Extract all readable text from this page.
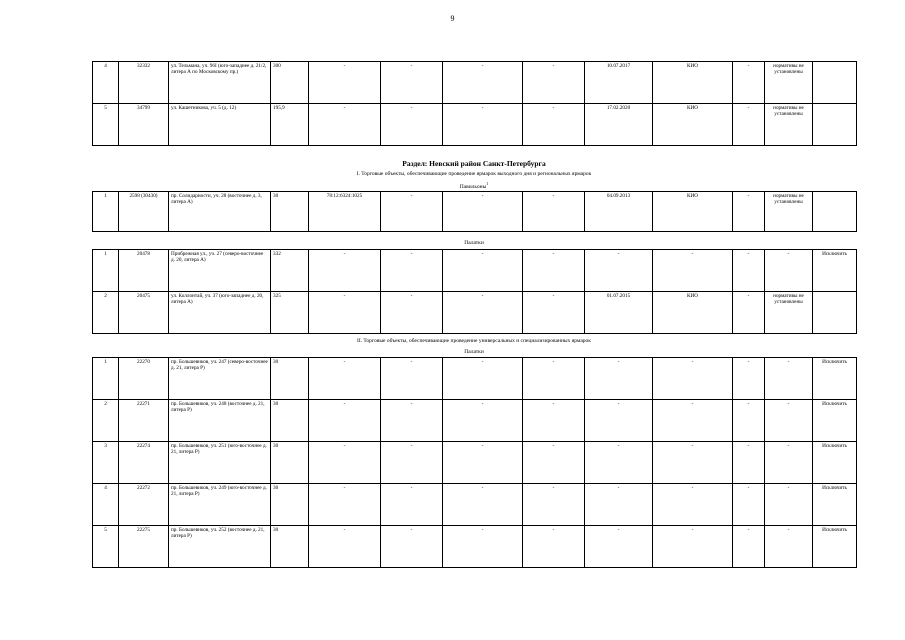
9
4	32332	ул. Тельмана, уч. 96I (юго-западнее д. 21/2, литера А по Московскому пр.)	300	-	-	-	-	10.07.2017	КИО	-	нормативы не установлены	
5	34799	ул. Кашетникова, уч. 5 (д. 12)	195,9	-	-	-	-	17.02.2020	КИО	-	нормативы не установлены	
Раздел: Невский район Санкт-Петербурга
I. Торговые объекты, обеспечивающие проведение ярмарок выходного дня и региональных ярмарок
Павильоны$^1$
1	2598 (30430)	пр. Солидарности, уч. 28 (восточнее д. 3, литера А)	30	78:12:6324:1025	-	-	-	04.09.2013	КИО	-	нормативы не установлены	
Палатки
1	20478	Прибрежная ул., уч. 27 (северо-восточнее д. 20, литера А)	332	-	-	-	-	-	-	-	-	Исключить
2	20475	ул. Коллонтай, уч. 37 (юго-западнее д. 20, литера А)	325	-	-	-	-	01.07.2015	КИО	-	нормативы не установлены	
II. Торговые объекты, обеспечивающие проведение универсальных и специализированных ярмарок
Палатки
1	22270	пр. Большевиков, уч. 247 (северо-восточнее д. 21, литера Р)	30	-	-	-	-	-	-	-	-	Исключить
2	22271	пр. Большевиков, уч. 248 (восточнее д. 21, литера Р)	30	-	-	-	-	-	-	-	-	Исключить
3	22274	пр. Большевиков, уч. 251 (юго-восточнее д. 21, литера Р)	30	-	-	-	-	-	-	-	-	Исключить
4	22272	пр. Большевиков, уч. 249 (юго-восточнее д. 21, литера Р)	30	-	-	-	-	-	-	-	-	Исключить
5	22275	пр. Большевиков, уч. 252 (восточнее д. 21, литера Р)	30	-	-	-	-	-	-	-	-	Исключить
